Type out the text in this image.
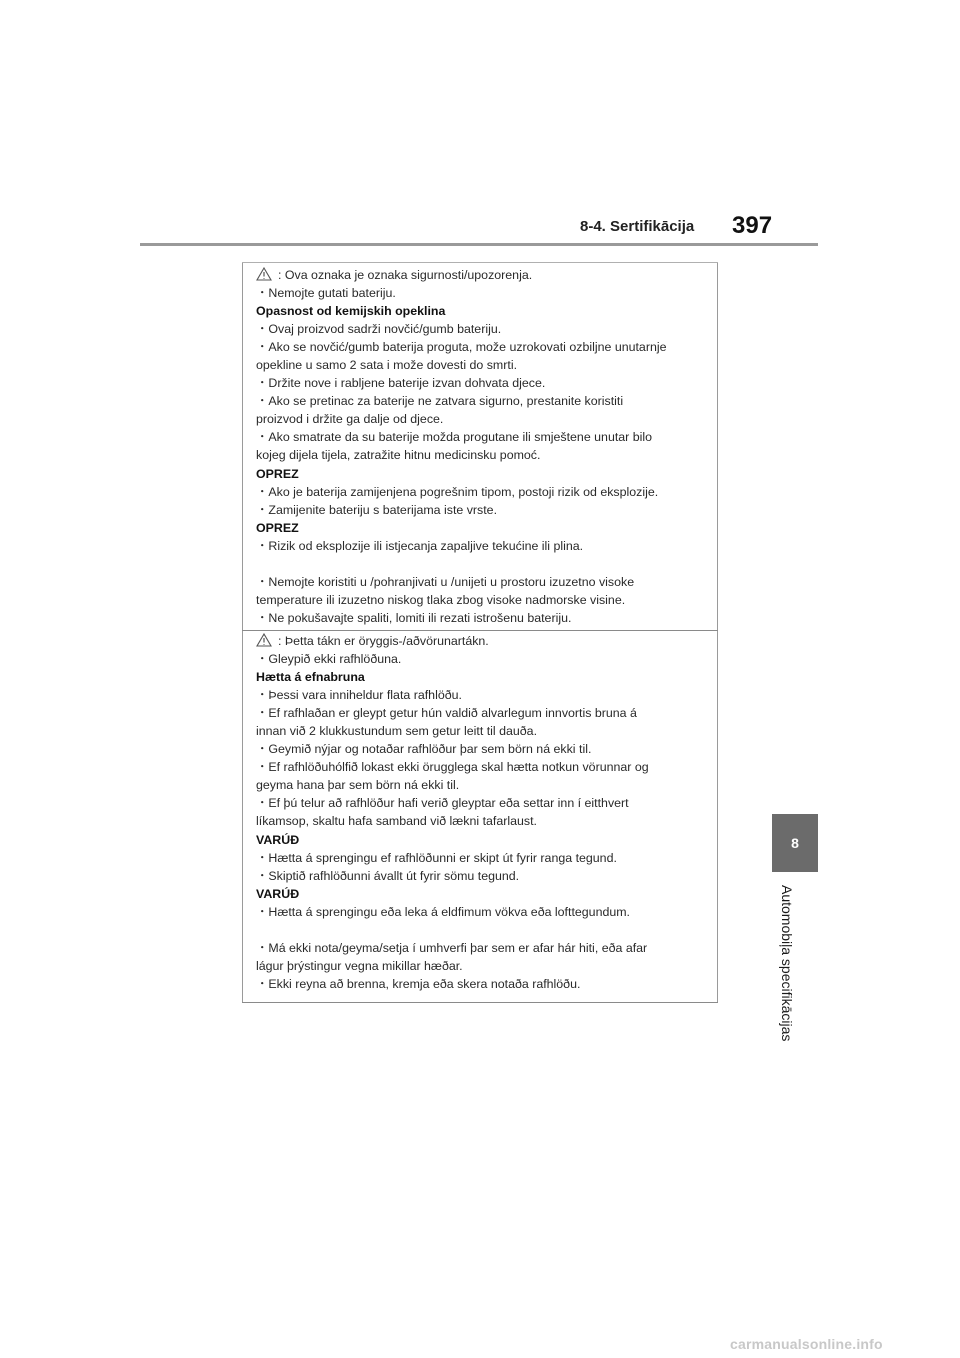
8-4. Sertifikācija 397
8
Automobiļa specifikācijas
: Ova oznaka je oznaka sigurnosti/upozorenja.
・Nemojte gutati bateriju.
Opasnost od kemijskih opeklina
・Ovaj proizvod sadrži novčić/gumb bateriju.
・Ako se novčić/gumb baterija proguta, može uzrokovati ozbiljne unutarnje
opekline u samo 2 sata i može dovesti do smrti.
・Držite nove i rabljene baterije izvan dohvata djece.
・Ako se pretinac za baterije ne zatvara sigurno, prestanite koristiti
proizvod i držite ga dalje od djece.
・Ako smatrate da su baterije možda progutane ili smještene unutar bilo
kojeg dijela tijela, zatražite hitnu medicinsku pomoć.
OPREZ
・Ako je baterija zamijenjena pogrešnim tipom, postoji rizik od eksplozije.
・Zamijenite bateriju s baterijama iste vrste.
OPREZ
・Rizik od eksplozije ili istjecanja zapaljive tekućine ili plina.
・Nemojte koristiti u /pohranjivati u /unijeti u prostoru izuzetno visoke
temperature ili izuzetno niskog tlaka zbog visoke nadmorske visine.
・Ne pokušavajte spaliti, lomiti ili rezati istrošenu bateriju.
: Þetta tákn er öryggis-/aðvörunartákn.
・Gleypið ekki rafhlöðuna.
Hætta á efnabruna
・Þessi vara inniheldur flata rafhlöðu.
・Ef rafhlaðan er gleypt getur hún valdið alvarlegum innvortis bruna á
innan við 2 klukkustundum sem getur leitt til dauða.
・Geymið nýjar og notaðar rafhlöður þar sem börn ná ekki til.
・Ef rafhlöðuhólfið lokast ekki örugglega skal hætta notkun vörunnar og
geyma hana þar sem börn ná ekki til.
・Ef þú telur að rafhlöður hafi verið gleyptar eða settar inn í eitthvert
líkamsop, skaltu hafa samband við lækni tafarlaust.
VARÚÐ
・Hætta á sprengingu ef rafhlöðunni er skipt út fyrir ranga tegund.
・Skiptið rafhlöðunni ávallt út fyrir sömu tegund.
VARÚÐ
・Hætta á sprengingu eða leka á eldfimum vökva eða lofttegundum.
・Má ekki nota/geyma/setja í umhverfi þar sem er afar hár hiti, eða afar
lágur þrýstingur vegna mikillar hæðar.
・Ekki reyna að brenna, kremja eða skera notaða rafhlöðu.
carmanualsonline.info
